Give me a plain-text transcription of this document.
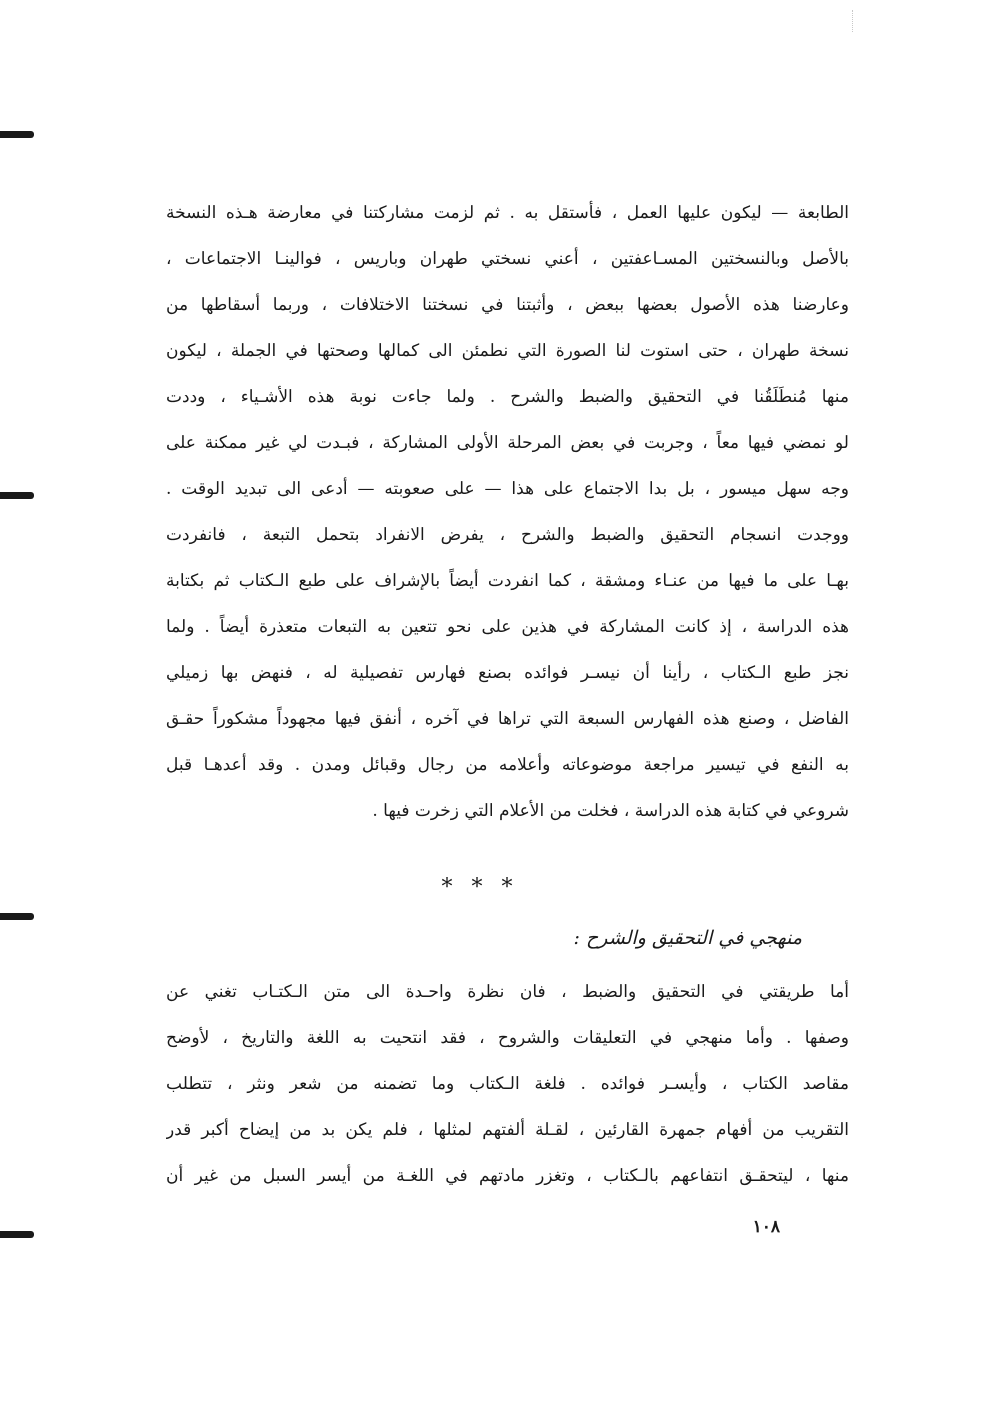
الطابعة — ليكون عليها العمل ، فأستقل به . ثم لزمت مشاركتنا في معارضة هـذه النسخة
بالأصل وبالنسختين المسـاعفتين ، أعني نسختي طهران وباريس ، فوالينـا الاجتماعات ،
وعارضنا هذه الأصول بعضها ببعض ، وأثبتنا في نسختنا الاختلافات ، وربما أسقاطها من
نسخة طهران ، حتى استوت لنا الصورة التي نطمئن الى كمالها وصحتها في الجملة ، ليكون
منها مُنطَلَقُنا في التحقيق والضبط والشرح . ولما جاءت نوبة هذه الأشـياء ، وددت
لو نمضي فيها معاً ، وجربت في بعض المرحلة الأولى المشاركة ، فبـدت لي غير ممكنة على
وجه سهل ميسور ، بل بدا الاجتماع على هذا — على صعوبته — أدعى الى تبديد الوقت .
ووجدت انسجام التحقيق والضبط والشرح ، يفرض الانفراد بتحمل التبعة ، فانفردت
بهـا على ما فيها من عنـاء ومشقة ، كما انفردت أيضاً بالإشراف على طبع الـكتاب ثم بكتابة
هذه الدراسة ، إذ كانت المشاركة في هذين على نحو تتعين به التبعات متعذرة أيضاً . ولما
نجز طبع الـكتاب ، رأينا أن نيسـر فوائده بصنع فهارس تفصيلية له ، فنهض بها زميلي
الفاضل ، وصنع هذه الفهارس السبعة التي تراها في آخره ، أنفق فيها مجهوداً مشكوراً حقـق
به النفع في تيسير مراجعة موضوعاته وأعلامه من رجال وقبائل ومدن . وقد أعدهـا قبل
شروعي في كتابة هذه الدراسة ، فخلت من الأعلام التي زخرت فيها .
* * *
منهجي في التحقيق والشرح :
أما طريقتي في التحقيق والضبط ، فان نظرة واحـدة الى متن الـكتـاب تغني عن
وصفها . وأما منهجي في التعليقات والشروح ، فقد انتحيت به اللغة والتاريخ ، لأوضح
مقاصد الكتاب ، وأيسـر فوائده . فلغة الـكتاب وما تضمنه من شعر ونثر ، تتطلب
التقريب من أفهام جمهرة القارئين ، لقـلة ألفتهم لمثلها ، فلم يكن بد من إيضاح أكبر قدر
منها ، ليتحقـق انتفاعهم بالـكتاب ، وتغزر مادتهم في اللغـة من أيسر السبل من غير أن
١٠٨
